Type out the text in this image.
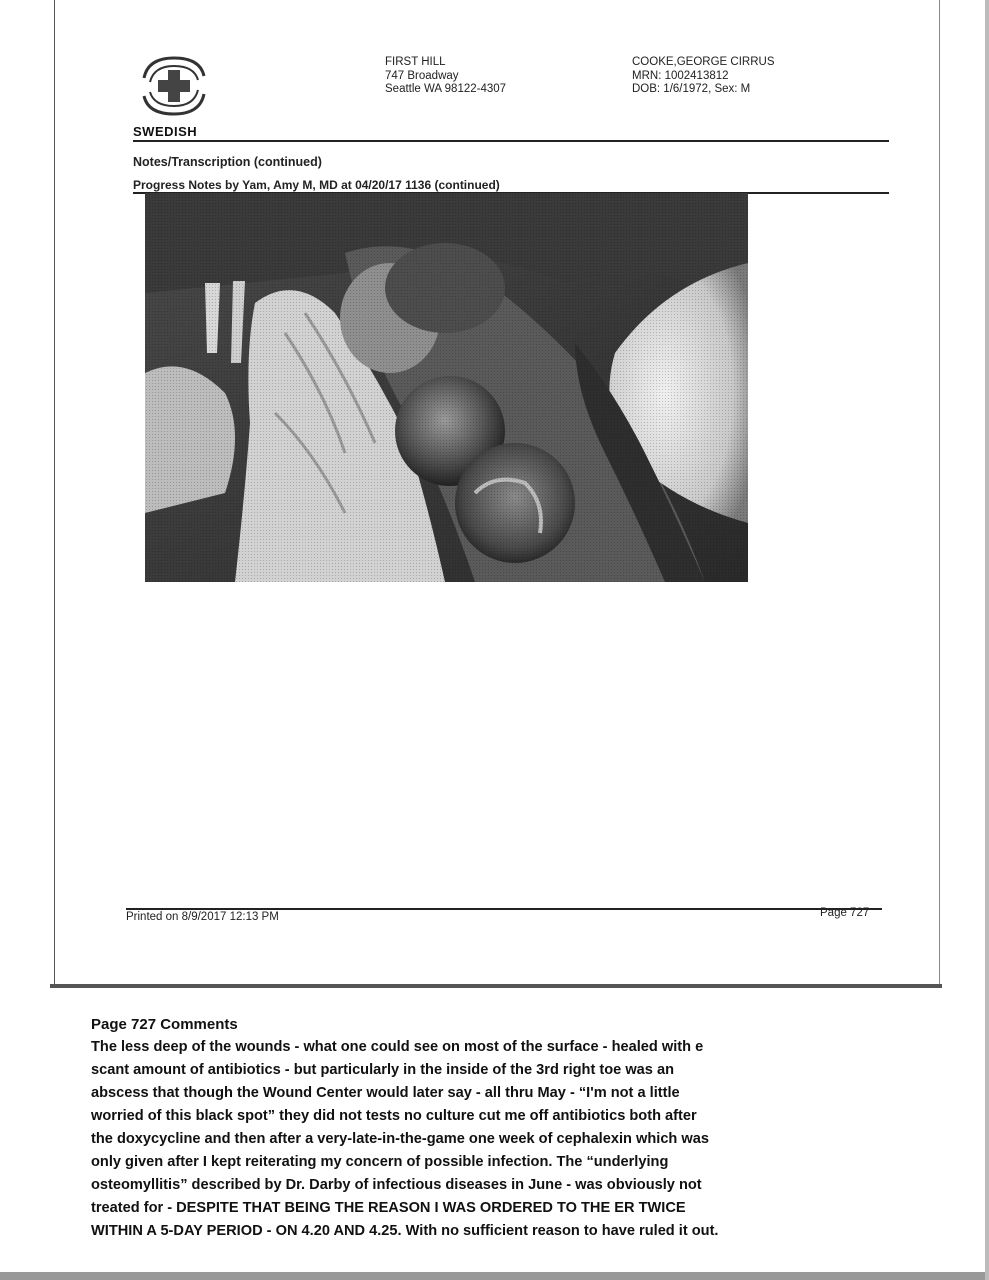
SWEDISH
FIRST HILL
747 Broadway
Seattle WA 98122-4307
COOKE,GEORGE CIRRUS
MRN: 1002413812
DOB: 1/6/1972, Sex: M
Notes/Transcription (continued)
Progress Notes by Yam, Amy M, MD at 04/20/17 1136 (continued)
Printed on 8/9/2017 12:13 PM	Page 727
Page 727 Comments

The less deep of the wounds - what one could see on most of the surface - healed with e
scant amount of antibiotics - but particularly in the inside of the 3rd right toe was an
abscess that though the Wound Center would later say - all thru May - “I'm not a little
worried of this black spot” they did not tests no culture cut me off antibiotics both after
the doxycycline and then after a very-late-in-the-game one week of cephalexin which was
only given after I kept reiterating my concern of possible infection. The “underlying
osteomyllitis” described by Dr. Darby of infectious diseases in June - was obviously not
treated for - DESPITE THAT BEING THE REASON I WAS ORDERED TO THE ER TWICE
WITHIN A 5-DAY PERIOD - ON 4.20 AND 4.25. With no sufficient reason to have ruled it out.
